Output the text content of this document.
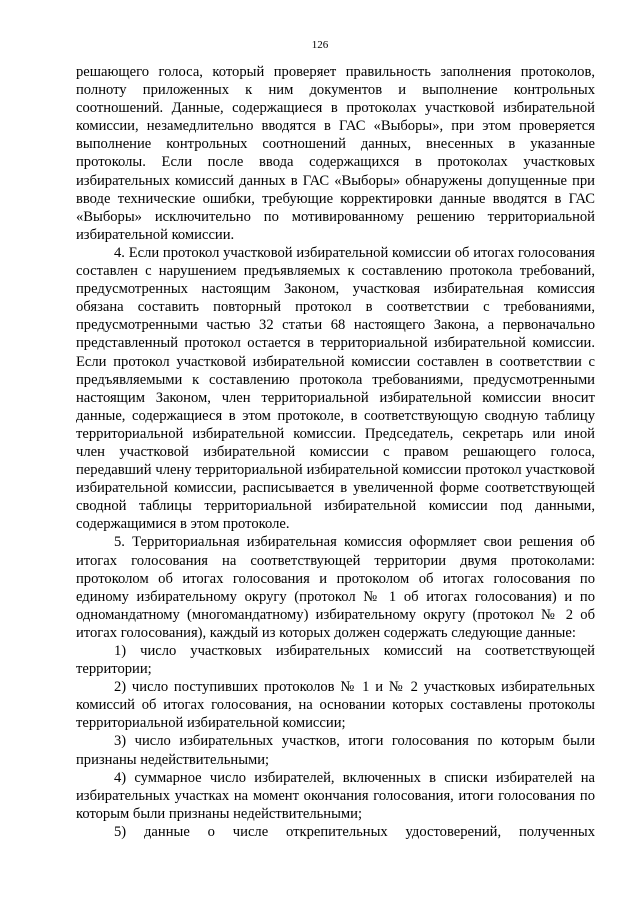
126

решающего голоса, который проверяет правильность заполнения протоколов, полноту приложенных к ним документов и выполнение контрольных соотношений. Данные, содержащиеся в протоколах участковой избирательной комиссии, незамедлительно вводятся в ГАС «Выборы», при этом проверяется выполнение контрольных соотношений данных, внесенных в указанные протоколы. Если после ввода содержащихся в протоколах участковых избирательных комиссий данных в ГАС «Выборы» обнаружены допущенные при вводе технические ошибки, требующие корректировки данные вводятся в ГАС «Выборы» исключительно по мотивированному решению территориальной избирательной комиссии.

4. Если протокол участковой избирательной комиссии об итогах голосования составлен с нарушением предъявляемых к составлению протокола требований, предусмотренных настоящим Законом, участковая избирательная комиссия обязана составить повторный протокол в соответствии с требованиями, предусмотренными частью 32 статьи 68 настоящего Закона, а первоначально представленный протокол остается в территориальной избирательной комиссии. Если протокол участковой избирательной комиссии составлен в соответствии с предъявляемыми к составлению протокола требованиями, предусмотренными настоящим Законом, член территориальной избирательной комиссии вносит данные, содержащиеся в этом протоколе, в соответствующую сводную таблицу территориальной избирательной комиссии. Председатель, секретарь или иной член участковой избирательной комиссии с правом решающего голоса, передавший члену территориальной избирательной комиссии протокол участковой избирательной комиссии, расписывается в увеличенной форме соответствующей сводной таблицы территориальной избирательной комиссии под данными, содержащимися в этом протоколе.

5. Территориальная избирательная комиссия оформляет свои решения об итогах голосования на соответствующей территории двумя протоколами: протоколом об итогах голосования и протоколом об итогах голосования по единому избирательному округу (протокол № 1 об итогах голосования) и по одномандатному (многомандатному) избирательному округу (протокол № 2 об итогах голосования), каждый из которых должен содержать следующие данные:

1) число участковых избирательных комиссий на соответствующей территории;

2) число поступивших протоколов № 1 и № 2 участковых избирательных комиссий об итогах голосования, на основании которых составлены протоколы территориальной избирательной комиссии;

3) число избирательных участков, итоги голосования по которым были признаны недействительными;

4) суммарное число избирателей, включенных в списки избирателей на избирательных участках на момент окончания голосования, итоги голосования по которым были признаны недействительными;

5) данные о числе открепительных удостоверений, полученных
